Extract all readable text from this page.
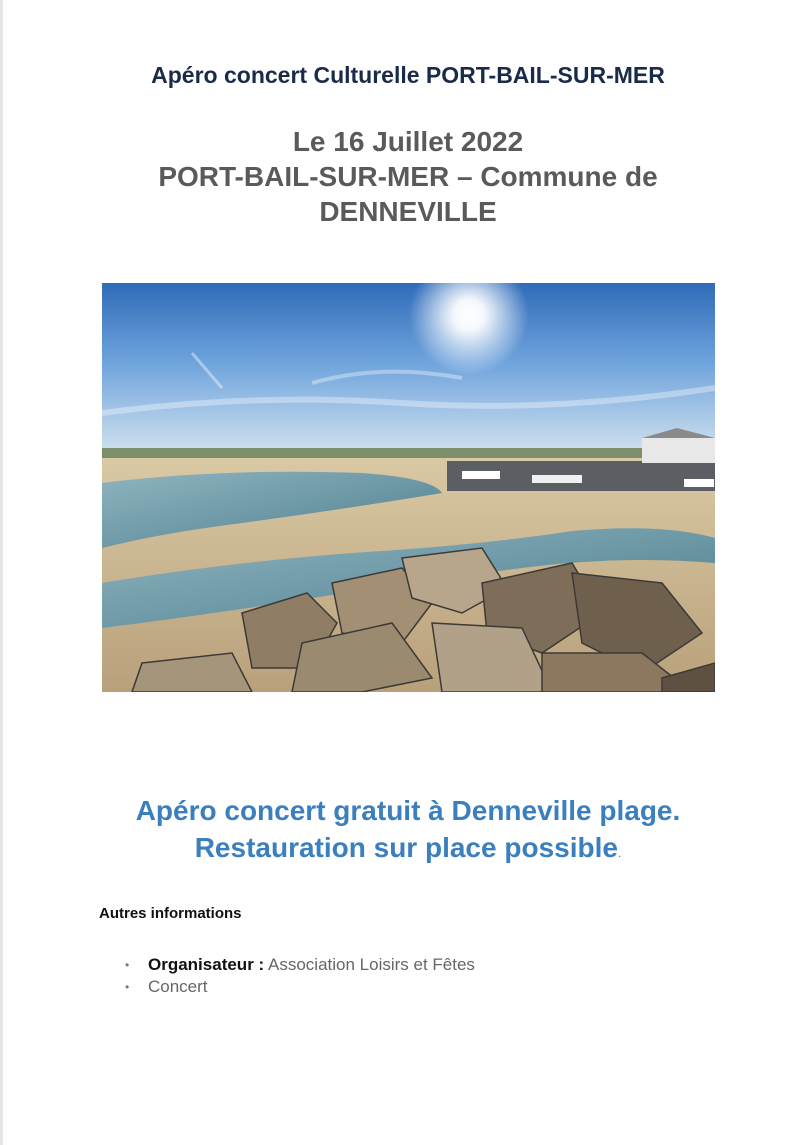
Apéro concert Culturelle PORT-BAIL-SUR-MER
Le 16 Juillet 2022
PORT-BAIL-SUR-MER – Commune de
DENNEVILLE
Apéro concert gratuit à Denneville plage.
Restauration sur place possible.
Autres informations
• Organisateur : Association Loisirs et Fêtes
• Concert
